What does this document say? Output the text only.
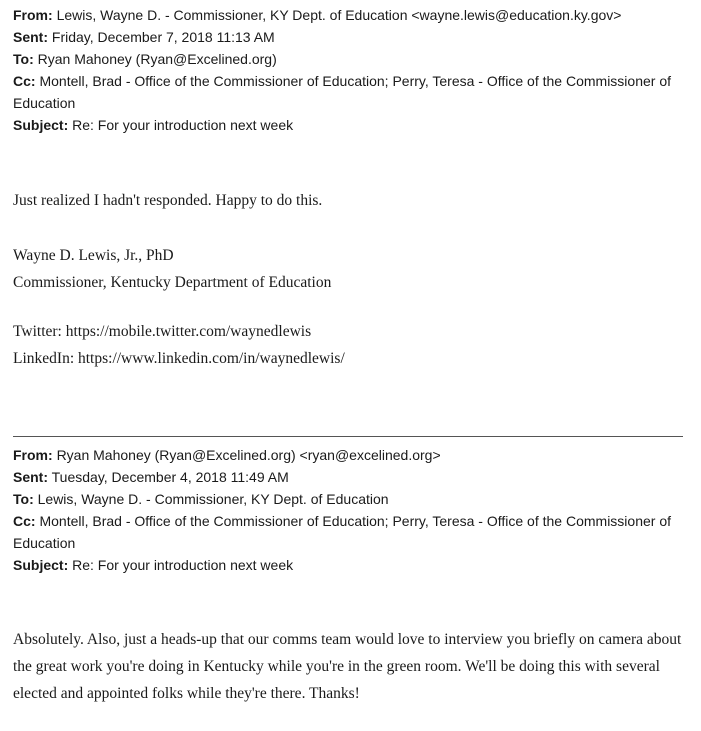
From: Lewis, Wayne D. - Commissioner, KY Dept. of Education <wayne.lewis@education.ky.gov>
Sent: Friday, December 7, 2018 11:13 AM
To: Ryan Mahoney (Ryan@Excelined.org)
Cc: Montell, Brad - Office of the Commissioner of Education; Perry, Teresa - Office of the Commissioner of Education
Subject: Re: For your introduction next week
Just realized I hadn't responded. Happy to do this.
Wayne D. Lewis, Jr., PhD
Commissioner, Kentucky Department of Education
Twitter: https://mobile.twitter.com/waynedlewis
LinkedIn: https://www.linkedin.com/in/waynedlewis/
From: Ryan Mahoney (Ryan@Excelined.org) <ryan@excelined.org>
Sent: Tuesday, December 4, 2018 11:49 AM
To: Lewis, Wayne D. - Commissioner, KY Dept. of Education
Cc: Montell, Brad - Office of the Commissioner of Education; Perry, Teresa - Office of the Commissioner of Education
Subject: Re: For your introduction next week
Absolutely. Also, just a heads-up that our comms team would love to interview you briefly on camera about the great work you're doing in Kentucky while you're in the green room. We'll be doing this with several elected and appointed folks while they're there. Thanks!
